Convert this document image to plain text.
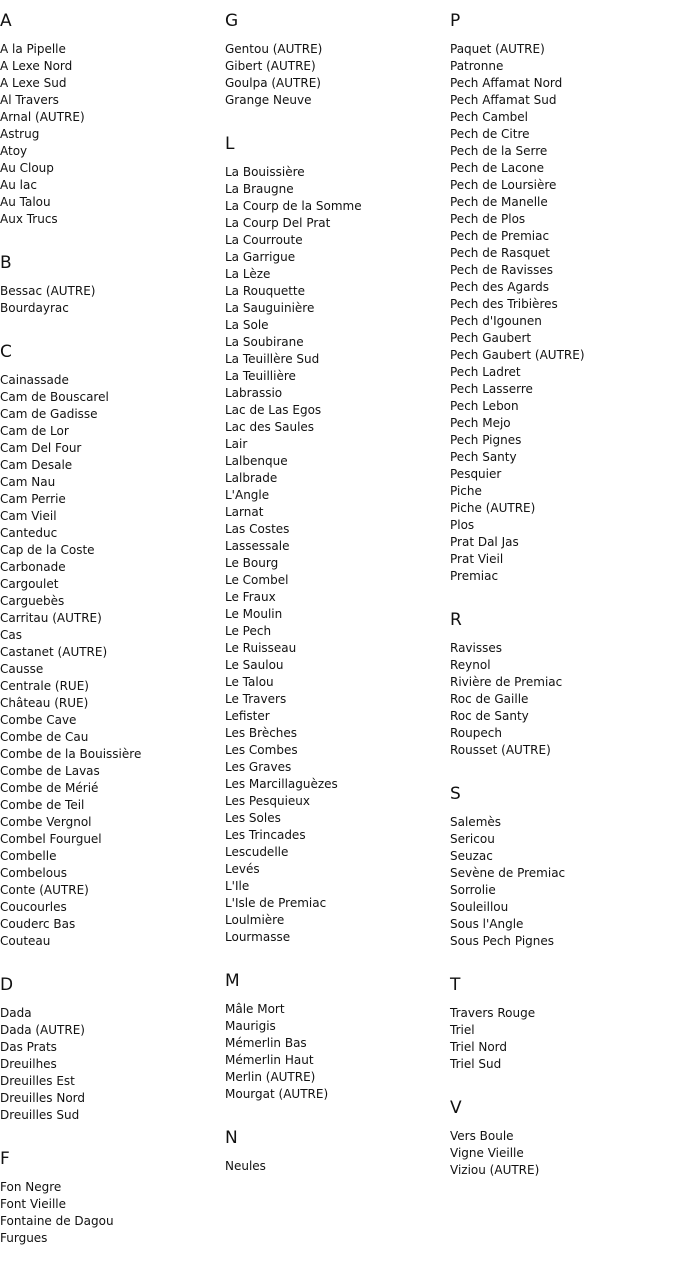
A
A la Pipelle
A Lexe Nord
A Lexe Sud
Al Travers
Arnal (AUTRE)
Astrug
Atoy
Au Cloup
Au lac
Au Talou
Aux Trucs
B
Bessac (AUTRE)
Bourdayrac
C
Cainassade
Cam de Bouscarel
Cam de Gadisse
Cam de Lor
Cam Del Four
Cam Desale
Cam Nau
Cam Perrie
Cam Vieil
Canteduc
Cap de la Coste
Carbonade
Cargoulet
Carguebès
Carritau (AUTRE)
Cas
Castanet (AUTRE)
Causse
Centrale (RUE)
Château (RUE)
Combe Cave
Combe de Cau
Combe de la Bouissière
Combe de Lavas
Combe de Mérié
Combe de Teil
Combe Vergnol
Combel Fourguel
Combelle
Combelous
Conte (AUTRE)
Coucourles
Couderc Bas
Couteau
D
Dada
Dada (AUTRE)
Das Prats
Dreuilhes
Dreuilles Est
Dreuilles Nord
Dreuilles Sud
F
Fon Negre
Font Vieille
Fontaine de Dagou
Furgues
G
Gentou (AUTRE)
Gibert (AUTRE)
Goulpa (AUTRE)
Grange Neuve
L
La Bouissière
La Braugne
La Courp de la Somme
La Courp Del Prat
La Courroute
La Garrigue
La Lèze
La Rouquette
La Sauguinière
La Sole
La Soubirane
La Teuillère Sud
La Teuillière
Labrassio
Lac de Las Egos
Lac des Saules
Lair
Lalbenque
Lalbrade
L'Angle
Larnat
Las Costes
Lassessale
Le Bourg
Le Combel
Le Fraux
Le Moulin
Le Pech
Le Ruisseau
Le Saulou
Le Talou
Le Travers
Lefister
Les Brèches
Les Combes
Les Graves
Les Marcillaguèzes
Les Pesquieux
Les Soles
Les Trincades
Lescudelle
Levés
L'Ile
L'Isle de Premiac
Loulmière
Lourmasse
M
Mâle Mort
Maurigis
Mémerlin Bas
Mémerlin Haut
Merlin (AUTRE)
Mourgat (AUTRE)
N
Neules
P
Paquet (AUTRE)
Patronne
Pech Affamat Nord
Pech Affamat Sud
Pech Cambel
Pech de Citre
Pech de la Serre
Pech de Lacone
Pech de Loursière
Pech de Manelle
Pech de Plos
Pech de Premiac
Pech de Rasquet
Pech de Ravisses
Pech des Agards
Pech des Tribières
Pech d'Igounen
Pech Gaubert
Pech Gaubert (AUTRE)
Pech Ladret
Pech Lasserre
Pech Lebon
Pech Mejo
Pech Pignes
Pech Santy
Pesquier
Piche
Piche (AUTRE)
Plos
Prat Dal Jas
Prat Vieil
Premiac
R
Ravisses
Reynol
Rivière de Premiac
Roc de Gaille
Roc de Santy
Roupech
Rousset (AUTRE)
S
Salemès
Sericou
Seuzac
Sevène de Premiac
Sorrolie
Souleillou
Sous l'Angle
Sous Pech Pignes
T
Travers Rouge
Triel
Triel Nord
Triel Sud
V
Vers Boule
Vigne Vieille
Viziou (AUTRE)
